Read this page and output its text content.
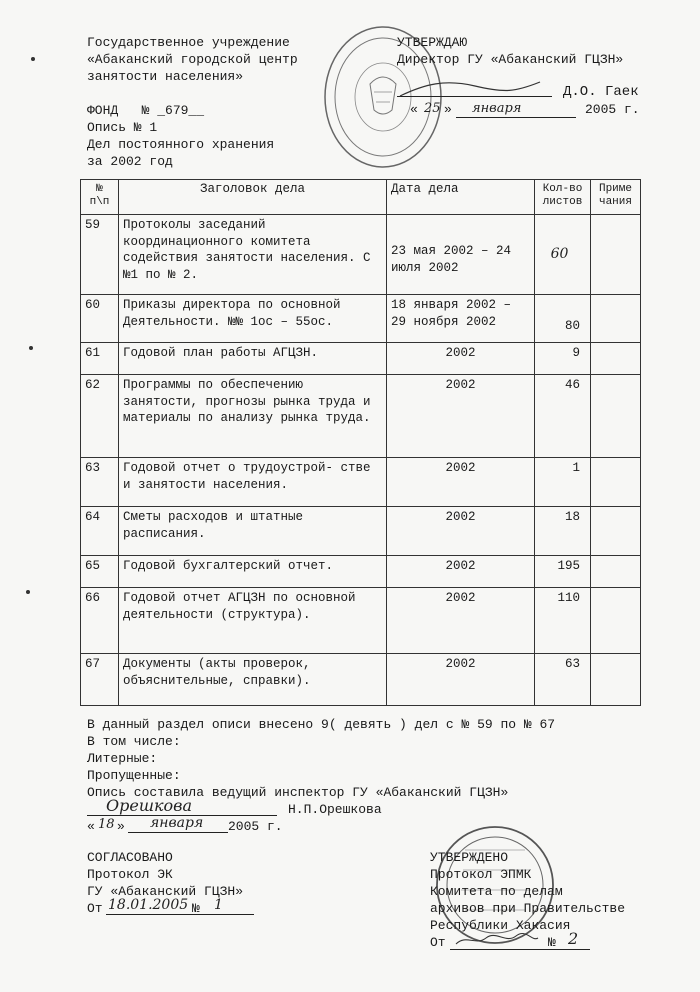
Государственное учреждение
«Абаканский городской центр
занятости населения»
УТВЕРЖДАЮ
Директор ГУ «Абаканский ГЦЗН»
Д.О. Гаек
« 25 » января	2005 г.
ФОНД   № _679__
Опись № 1
Дел постоянного хранения
за 2002 год
№ п\п	Заголовок дела	Дата дела	Кол-во листов	Приме чания
59	Протоколы заседаний координационного комитета содействия занятости населения. С №1 по № 2.	23 мая 2002 – 24 июля 2002	60	
60	Приказы директора по основной Деятельности. №№ 1ос – 55ос.	18 января 2002 – 29 ноября 2002	80	
61	Годовой план работы АГЦЗН.	2002	9	
62	Программы по обеспечению занятости, прогнозы рынка труда и материалы по анализу рынка труда.	2002	46	
63	Годовой отчет о трудоустрой- стве и занятости населения.	2002	1	
64	Сметы расходов и штатные расписания.	2002	18	
65	Годовой бухгалтерский отчет.	2002	195	
66	Годовой отчет АГЦЗН по основной деятельности (структура).	2002	110	
67	Документы (акты проверок, объяснительные, справки).	2002	63	
В данный раздел описи внесено 9( девять ) дел с № 59 по № 67
В том числе:
Литерные:
Пропущенные:
Опись составила ведущий инспектор ГУ «Абаканский ГЦЗН»
Орешкова	Н.П.Орешкова
« 18 » января 2005 г.
СОГЛАСОВАНО
Протокол ЭК
ГУ «Абаканский ГЦЗН»
От 18.01.2005 № 1
УТВЕРЖДЕНО
Протокол ЭПМК
Комитета по делам
архивов при Правительстве
Республики Хакасия
От	№ 2
